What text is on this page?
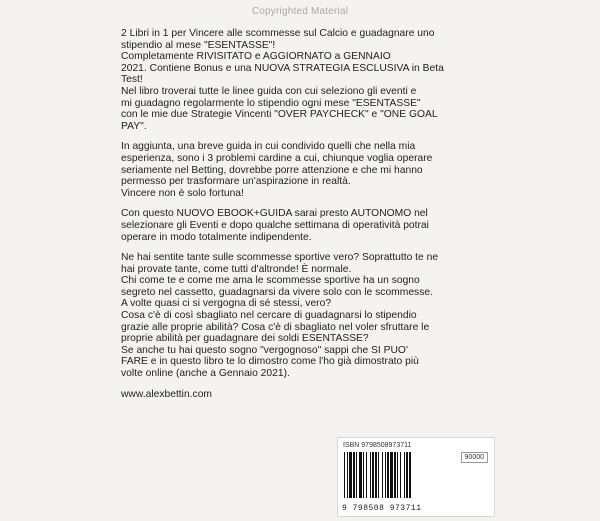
Copyrighted Material

2 Libri in 1 per Vincere alle scommesse sul Calcio e guadagnare uno
stipendio al mese "ESENTASSE"!
Completamente RIVISITATO e AGGIORNATO a GENNAIO
2021. Contiene Bonus e una NUOVA STRATEGIA ESCLUSIVA in Beta
Test!
Nel libro troverai tutte le linee guida con cui seleziono gli eventi e
mi guadagno regolarmente lo stipendio ogni mese "ESENTASSE"
con le mie due Strategie Vincenti "OVER PAYCHECK" e "ONE GOAL
PAY".

In aggiunta, una breve guida in cui condivido quelli che nella mia
esperienza, sono i 3 problemi cardine a cui, chiunque voglia operare
seriamente nel Betting, dovrebbe porre attenzione e che mi hanno
permesso per trasformare un'aspirazione in realtà.
Vincere non è solo fortuna!

Con questo NUOVO EBOOK+GUIDA sarai presto AUTONOMO nel
selezionare gli Eventi e dopo qualche settimana di operatività potrai
operare in modo totalmente indipendente.

Ne hai sentite tante sulle scommesse sportive vero? Soprattutto te ne
hai provate tante, come tutti d'altronde! È normale.
Chi come te e come me ama le scommesse sportive ha un sogno
segreto nel cassetto, guadagnarsi da vivere solo con le scommesse.
A volte quasi ci si vergogna di sé stessi, vero?
Cosa c'è di così sbagliato nel cercare di guadagnarsi lo stipendio
grazie alle proprie abilità? Cosa c'è di sbagliato nel voler sfruttare le
proprie abilità per guadagnare dei soldi ESENTASSE?
Se anche tu hai questo sogno "vergognoso" sappi che SI PUO'
FARE e in questo libro te lo dimostro come l'ho già dimostrato più
volte online (anche a Gennaio 2021).

www.alexbettin.com
ISBN 9798508973711
90000
9 798508 973711
